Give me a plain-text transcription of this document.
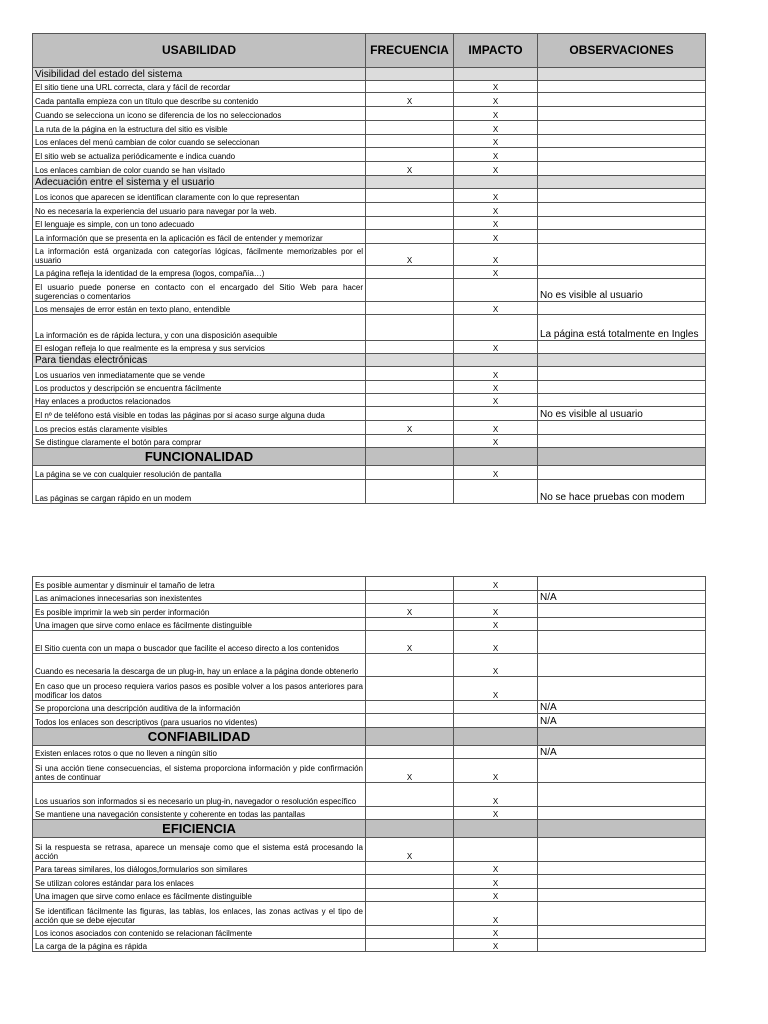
USABILIDAD	FRECUENCIA	IMPACTO	OBSERVACIONES
Visibilidad del estado del sistema			
El sitio tiene una URL correcta, clara y fácil de recordar		X	
Cada pantalla empieza con un título que describe su contenido	X	X	
Cuando se selecciona un icono se diferencia de los no seleccionados		X	
La ruta de la página en la estructura del sitio es visible		X	
Los enlaces del menú cambian de color cuando se seleccionan		X	
El sitio web se actualiza periódicamente e indica cuando		X	
Los enlaces cambian de color cuando se han visitado	X	X	
Adecuación entre el sistema y el usuario			
Los iconos que aparecen se identifican claramente con lo que representan		X	
No es necesaria la experiencia del usuario para navegar por la web.		X	
El lenguaje es simple, con un tono adecuado		X	
La información que se presenta en la aplicación es fácil de entender y memorizar		X	
La información está organizada con categorías lógicas, fácilmente memorizables por el usuario	X	X	
La página refleja la identidad de la empresa (logos, compañía…)		X	
El usuario puede ponerse en contacto con el encargado del Sitio Web para hacer sugerencias o comentarios			No es visible al usuario
Los mensajes de error están en texto plano, entendible		X	
La información es de rápida lectura, y con una disposición asequible			La página está totalmente en Ingles
El eslogan refleja lo que realmente es la empresa y sus servicios		X	
Para tiendas electrónicas			
Los usuarios ven inmediatamente que se vende		X	
Los productos y descripción se encuentra fácilmente		X	
Hay enlaces a productos relacionados		X	
El nº de teléfono está visible en todas las páginas por si acaso surge alguna duda			No es visible al usuario
Los precios estás claramente visibles	X	X	
Se distingue claramente el botón para comprar		X	
FUNCIONALIDAD			
La página se ve con cualquier resolución de pantalla		X	
Las páginas se cargan rápido en un modem			No se hace pruebas con modem
Es posible aumentar y disminuir el tamaño de letra		X	
Las animaciones innecesarias son inexistentes			N/A
Es posible imprimir la web sin perder información	X	X	
Una imagen que sirve como enlace es fácilmente distinguible		X	
El Sitio cuenta con un mapa o buscador que facilite el acceso directo a los contenidos	X	X	
Cuando es necesaria la descarga de un plug-in, hay un enlace a la página donde obtenerlo		X	
En caso que un proceso requiera varios pasos es posible volver a los pasos anteriores para modificar los datos		X	
Se proporciona una descripción auditiva de la información			N/A
Todos los enlaces son descriptivos (para usuarios no videntes)			N/A
CONFIABILIDAD			
Existen enlaces rotos o que no lleven a ningún sitio			N/A
Si una acción tiene consecuencias, el sistema proporciona información y pide confirmación antes de continuar	X	X	
Los usuarios son informados si es necesario un plug-in, navegador o resolución específico		X	
Se mantiene una navegación consistente y coherente en todas las pantallas		X	
EFICIENCIA			
Si la respuesta se retrasa, aparece un mensaje como que el sistema está procesando la acción	X		
Para tareas similares, los diálogos,formularios son similares		X	
Se utilizan colores estándar para los enlaces		X	
Una imagen que sirve como enlace es fácilmente distinguible		X	
Se identifican fácilmente las figuras, las tablas, los enlaces, las zonas activas y el tipo de acción que se debe ejecutar		X	
Los iconos asociados con contenido se relacionan fácilmente		X	
La carga de la página es rápida		X	
